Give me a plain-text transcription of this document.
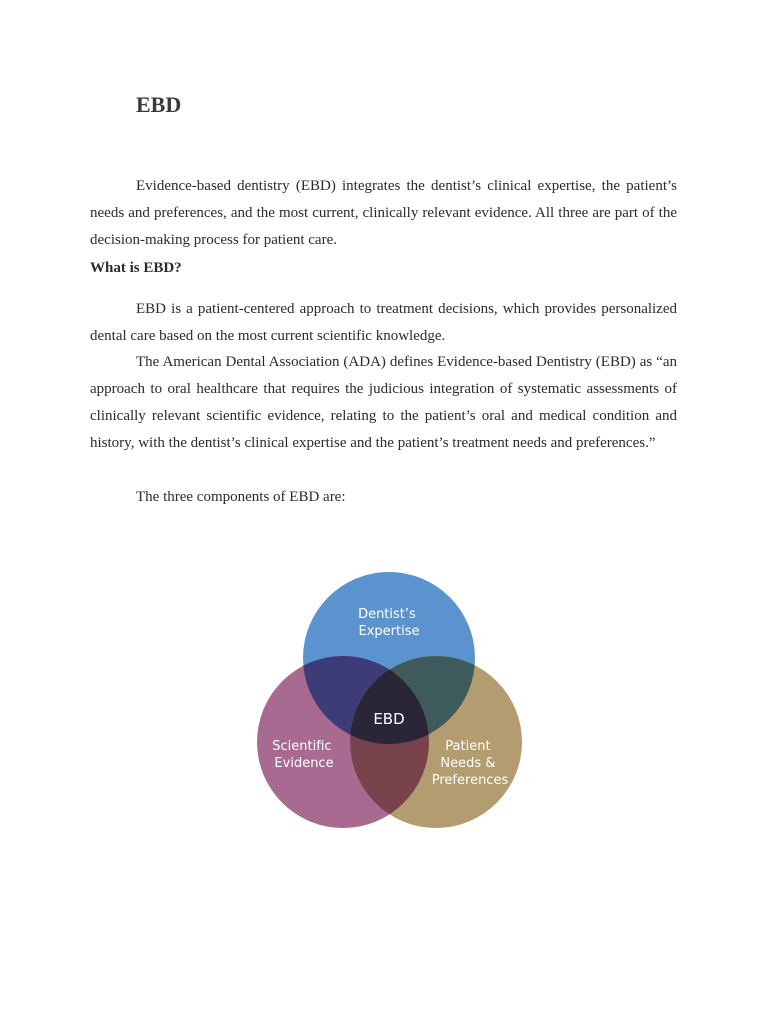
EBD

Evidence-based dentistry (EBD) integrates the dentist’s clinical expertise, the patient’s needs and preferences, and the most current, clinically relevant evidence. All three are part of the decision-making process for patient care.

What is EBD?

EBD is a patient-centered approach to treatment decisions, which provides personalized dental care based on the most current scientific knowledge.

The American Dental Association (ADA) defines Evidence-based Dentistry (EBD) as “an approach to oral healthcare that requires the judicious integration of systematic assessments of clinically relevant scientific evidence, relating to the patient’s oral and medical condition and history, with the dentist’s clinical expertise and the patient’s treatment needs and preferences.”

The three components of EBD are:

Dentist’s Expertise
EBD
Scientific Evidence
Patient Needs & Preferences
